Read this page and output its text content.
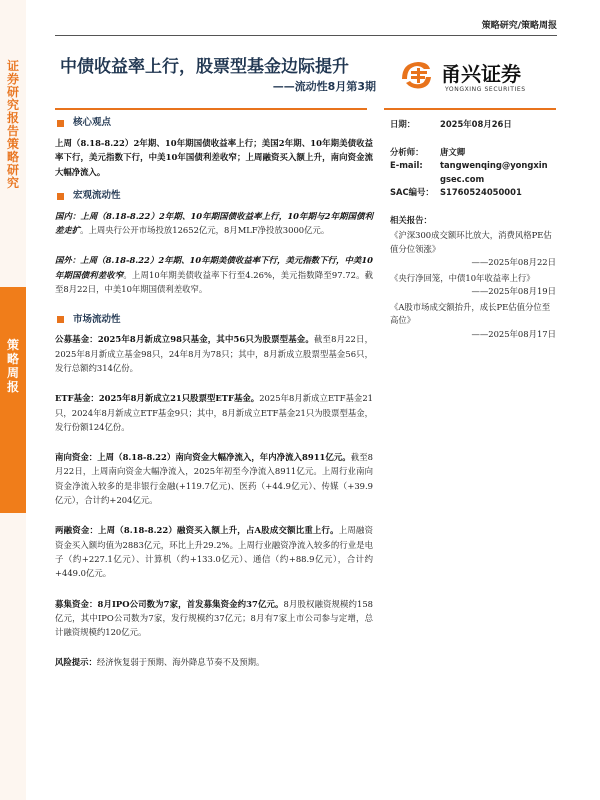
证券研究报告 策略研究
策略周报
策略研究/策略周报
中债收益率上行，股票型基金边际提升
——流动性8月第3期
甬兴证券
YONGXING SECURITIES
核心观点
上周（8.18-8.22）2年期、10年期国债收益率上行；美国2年期、10年期美债收益率下行，美元指数下行，中美10年国债利差收窄；上周融资买入额上升，南向资金流大幅净流入。
宏观流动性
国内：上周（8.18-8.22）2年期、10年期国债收益率上行，10年期与2年期国债利差走扩。上周央行公开市场投放12652亿元，8月MLF净投放3000亿元。
国外：上周（8.18-8.22）2年期、10年期美债收益率下行，美元指数下行，中美10年期国债利差收窄。上周10年期美债收益率下行至4.26%，美元指数降至97.72。截至8月22日，中美10年期国债利差收窄。
市场流动性
公募基金：2025年8月新成立98只基金，其中56只为股票型基金。截至8月22日，2025年8月新成立基金98只，24年8月为78只；其中，8月新成立股票型基金56只，发行总额约314亿份。
ETF基金：2025年8月新成立21只股票型ETF基金。2025年8月新成立ETF基金21只，2024年8月新成立ETF基金9只；其中，8月新成立ETF基金21只为股票型基金，发行份额124亿份。
南向资金：上周（8.18-8.22）南向资金大幅净流入，年内净流入8911亿元。截至8月22日，上周南向资金大幅净流入，2025年初至今净流入8911亿元。上周行业南向资金净流入较多的是非银行金融(+119.7亿元)、医药（+44.9亿元）、传媒（+39.9亿元），合计约+204亿元。
两融资金：上周（8.18-8.22）融资买入额上升，占A股成交额比重上行。上周融资资金买入额均值为2883亿元，环比上升29.2%。上周行业融资净流入较多的行业是电子（约+227.1亿元）、计算机（约+133.0亿元）、通信（约+88.9亿元），合计约+449.0亿元。
募集资金：8月IPO公司数为7家，首发募集资金约37亿元。8月股权融资规模约158亿元，其中IPO公司数为7家，发行规模约37亿元；8月有7家上市公司参与定增，总计融资规模约120亿元。
风险提示：经济恢复弱于预期、海外降息节奏不及预期。
日期：	2025年08月26日
分析师：	唐文卿
E-mail:	tangwenqing@yongxingsec.com
SAC编号： S1760524050001
相关报告：
《沪深300成交额环比放大，消费风格PE估值分位领涨》
——2025年08月22日
《央行净回笼，中债10年收益率上行》
——2025年08月19日
《A股市场成交额抬升，成长PE估值分位至高位》
——2025年08月17日
